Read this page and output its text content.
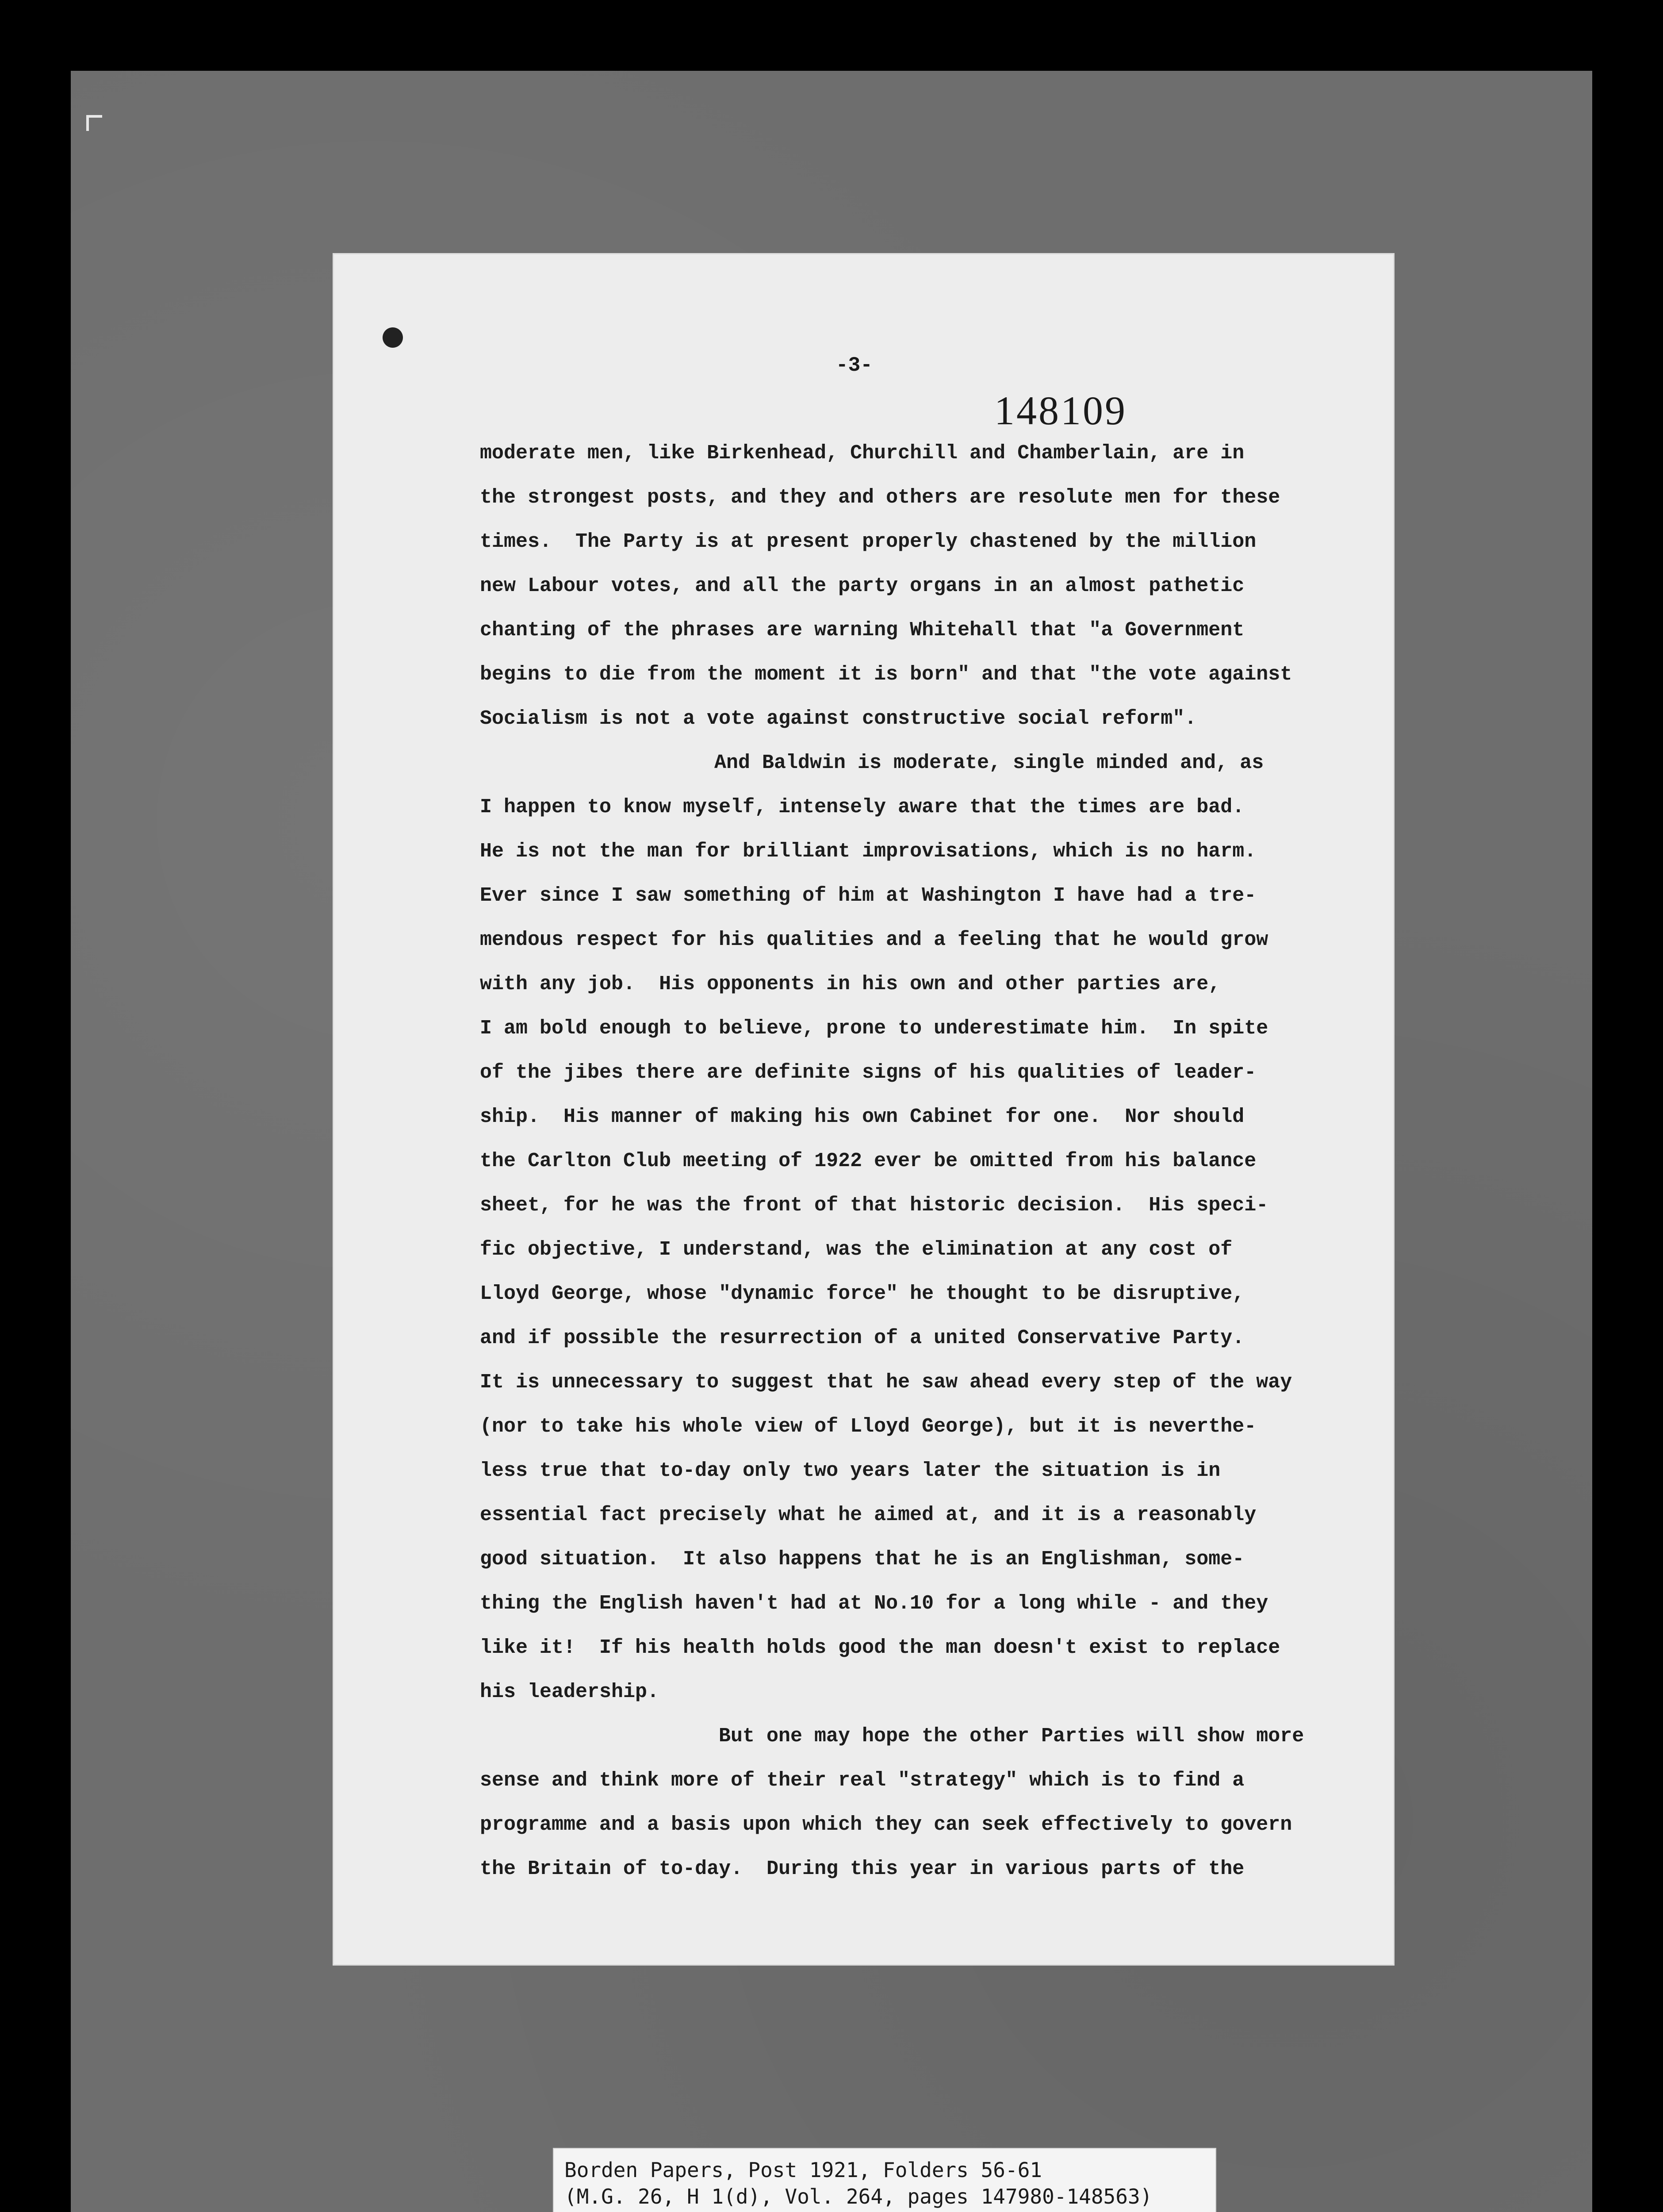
-3-
148109
moderate men, like Birkenhead, Churchill and Chamberlain, are in
the strongest posts, and they and others are resolute men for these
times.  The Party is at present properly chastened by the million
new Labour votes, and all the party organs in an almost pathetic
chanting of the phrases are warning Whitehall that "a Government
begins to die from the moment it is born" and that "the vote against
Socialism is not a vote against constructive social reform".
And Baldwin is moderate, single minded and, as
I happen to know myself, intensely aware that the times are bad.
He is not the man for brilliant improvisations, which is no harm.
Ever since I saw something of him at Washington I have had a tre-
mendous respect for his qualities and a feeling that he would grow
with any job.  His opponents in his own and other parties are,
I am bold enough to believe, prone to underestimate him.  In spite
of the jibes there are definite signs of his qualities of leader-
ship.  His manner of making his own Cabinet for one.  Nor should
the Carlton Club meeting of 1922 ever be omitted from his balance
sheet, for he was the front of that historic decision.  His speci-
fic objective, I understand, was the elimination at any cost of
Lloyd George, whose "dynamic force" he thought to be disruptive,
and if possible the resurrection of a united Conservative Party.
It is unnecessary to suggest that he saw ahead every step of the way
(nor to take his whole view of Lloyd George), but it is neverthe-
less true that to-day only two years later the situation is in
essential fact precisely what he aimed at, and it is a reasonably
good situation.  It also happens that he is an Englishman, some-
thing the English haven't had at No.10 for a long while - and they
like it!  If his health holds good the man doesn't exist to replace
his leadership.
But one may hope the other Parties will show more
sense and think more of their real "strategy" which is to find a
programme and a basis upon which they can seek effectively to govern
the Britain of to-day.  During this year in various parts of the
Borden Papers, Post 1921, Folders 56-61
(M.G. 26, H 1(d), Vol. 264, pages 147980-148563)
